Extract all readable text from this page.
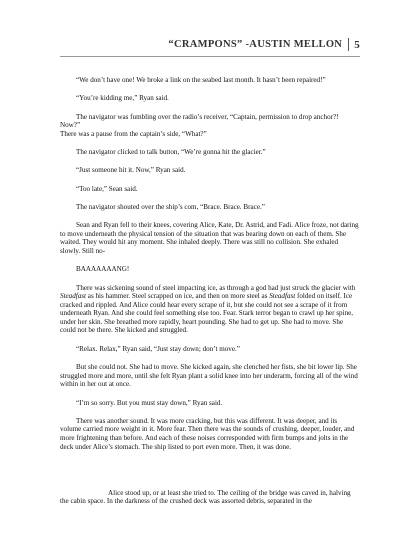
“CRAMPONS” -AUSTIN MELLON 5

“We don’t have one! We broke a link on the seabed last month. It hasn’t been repaired!”

“You’re kidding me,” Ryan said.

The navigator was fumbling over the radio’s receiver, “Captain, permission to drop anchor?! Now?”

There was a pause from the captain’s side, “What?”

The navigator clicked to talk button, “We’re gonna hit the glacier.”

“Just someone hit it. Now,” Ryan said.

“Too late,” Sean said.

The navigator shouted over the ship’s com, “Brace. Brace. Brace.”

Sean and Ryan fell to their knees, covering Alice, Kate, Dr. Astrid, and Fadi. Alice froze, not daring to move underneath the physical tension of the situation that was bearing down on each of them. She waited. They would hit any moment. She inhaled deeply. There was still no collision. She exhaled slowly. Still no-

BAAAAAAANG!

There was sickening sound of steel impacting ice, as through a god had just struck the glacier with Steadfast as his hammer. Steel scrapped on ice, and then on more steel as Steadfast folded on itself. Ice cracked and rippled. And Alice could hear every scrape of it, but she could not see a scrape of it from underneath Ryan. And she could feel something else too. Fear. Stark terror began to crawl up her spine, under her skin. She breathed more rapidly, heart pounding. She had to get up. She had to move. She could not be there. She kicked and struggled.

“Relax. Relax,” Ryan said, “Just stay down; don’t move.”

But she could not. She had to move. She kicked again, she clenched her fists, she bit lower lip. She struggled more and more, until she felt Ryan plant a solid knee into her underarm, forcing all of the wind within in her out at once.

“I’m so sorry. But you must stay down,” Ryan said.

There was another sound. It was more cracking, but this was different. It was deeper, and its volume carried more weight in it. More fear. Then there was the sounds of crushing, deeper, louder, and more frightening than before. And each of these noises corresponded with firm bumps and jolts in the deck under Alice’s stomach. The ship listed to port even more. Then, it was done.

Alice stood up, or at least she tried to. The ceiling of the bridge was caved in, halving the cabin space. In the darkness of the crushed deck was assorted debris, separated in the
